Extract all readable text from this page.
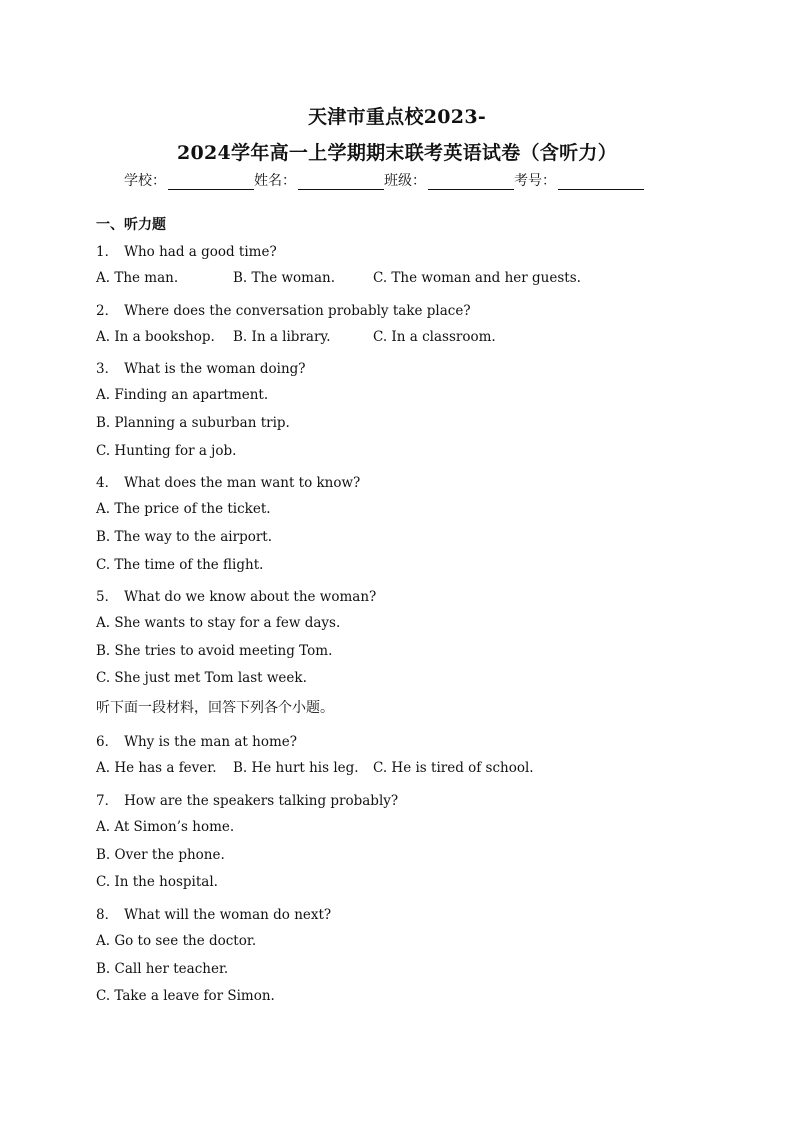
天津市重点校2023-
2024学年高一上学期期末联考英语试卷（含听力）
学校：	姓名：	班级：	考号：
一、听力题
1． Who had a good time?
A. The man.	B. The woman.	C. The woman and her guests.
2． Where does the conversation probably take place?
A. In a bookshop.	B. In a library.	C. In a classroom.
3． What is the woman doing?
A. Finding an apartment.
B. Planning a suburban trip.
C. Hunting for a job.
4． What does the man want to know?
A. The price of the ticket.
B. The way to the airport.
C. The time of the flight.
5． What do we know about the woman?
A. She wants to stay for a few days.
B. She tries to avoid meeting Tom.
C. She just met Tom last week.
听下面一段材料，回答下列各个小题。
6． Why is the man at home?
A. He has a fever.	B. He hurt his leg.	C. He is tired of school.
7． How are the speakers talking probably?
A. At Simon’s home.
B. Over the phone.
C. In the hospital.
8． What will the woman do next?
A. Go to see the doctor.
B. Call her teacher.
C. Take a leave for Simon.
